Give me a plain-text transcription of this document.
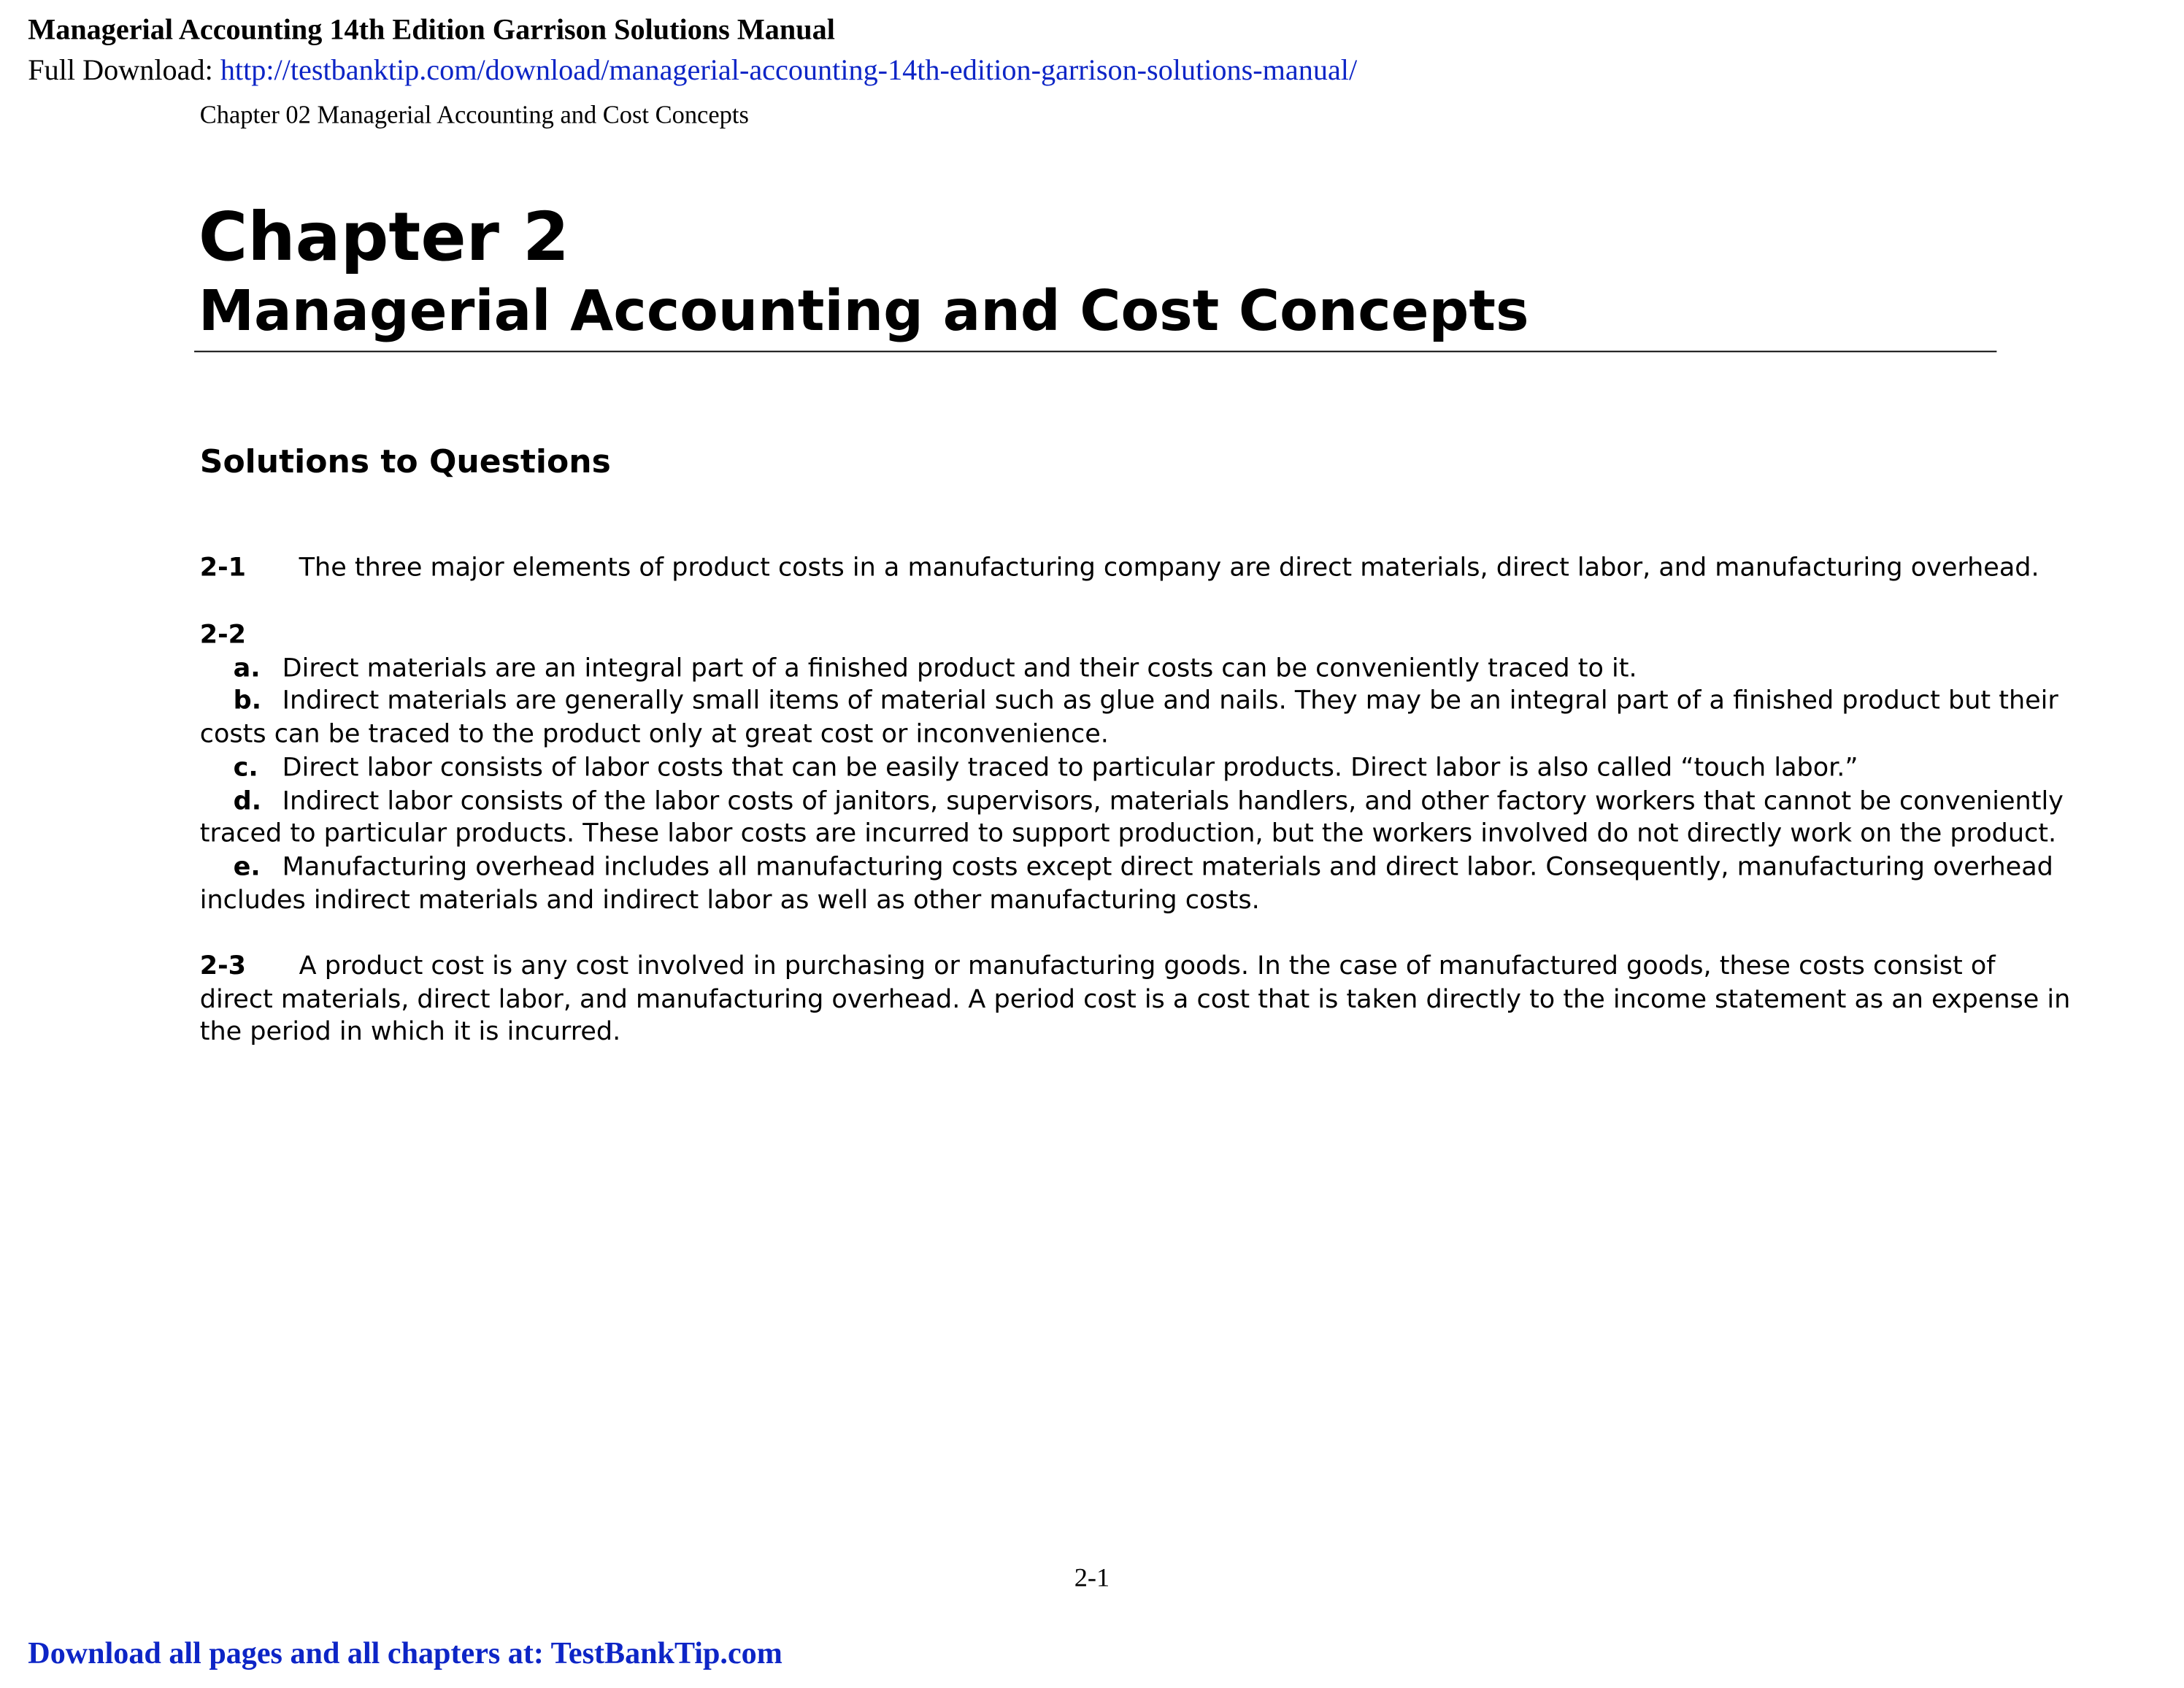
Managerial Accounting 14th Edition Garrison Solutions Manual
Full Download: http://testbanktip.com/download/managerial-accounting-14th-edition-garrison-solutions-manual/
Chapter 02 Managerial Accounting and Cost Concepts
Chapter 2
Managerial Accounting and Cost Concepts
Solutions to Questions
2-1	The three major elements of product costs in a manufacturing company are direct materials, direct labor, and manufacturing overhead.
2-2
a. Direct materials are an integral part of a finished product and their costs can be conveniently traced to it.
b. Indirect materials are generally small items of material such as glue and nails. They may be an integral part of a finished product but their
costs can be traced to the product only at great cost or inconvenience.
c. Direct labor consists of labor costs that can be easily traced to particular products. Direct labor is also called “touch labor.”
d. Indirect labor consists of the labor costs of janitors, supervisors, materials handlers, and other factory workers that cannot be conveniently
traced to particular products. These labor costs are incurred to support production, but the workers involved do not directly work on the product.
e. Manufacturing overhead includes all manufacturing costs except direct materials and direct labor. Consequently, manufacturing overhead
includes indirect materials and indirect labor as well as other manufacturing costs.
2-3	A product cost is any cost involved in purchasing or manufacturing goods. In the case of manufactured goods, these costs consist of
direct materials, direct labor, and manufacturing overhead. A period cost is a cost that is taken directly to the income statement as an expense in
the period in which it is incurred.
2-1
Download all pages and all chapters at: TestBankTip.com
